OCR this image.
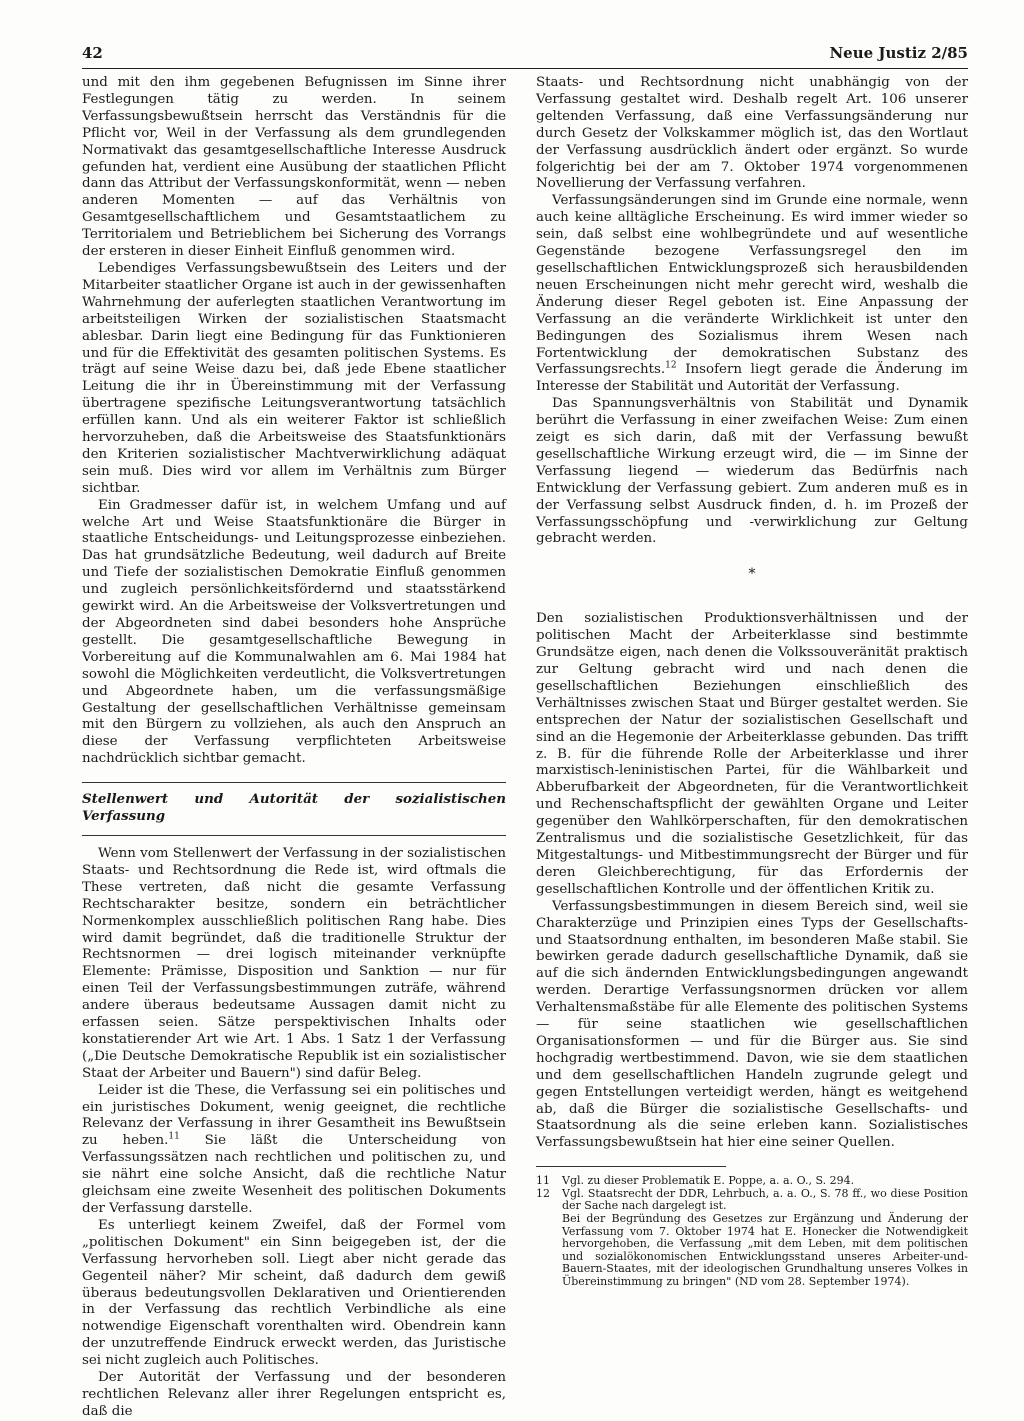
42	Neue Justiz 2/85

und mit den ihm gegebenen Befugnissen im Sinne ihrer Festlegungen tätig zu werden. In seinem Verfassungsbewußtsein herrscht das Verständnis für die Pflicht vor, Weil in der Verfassung als dem grundlegenden Normativakt das gesamtgesellschaftliche Interesse Ausdruck gefunden hat, verdient eine Ausübung der staatlichen Pflicht dann das Attribut der Verfassungskonformität, wenn — neben anderen Momenten — auf das Verhältnis von Gesamtgesellschaftlichem und Gesamtstaatlichem zu Territorialem und Betrieblichem bei Sicherung des Vorrangs der ersteren in dieser Einheit Einfluß genommen wird.

Lebendiges Verfassungsbewußtsein des Leiters und der Mitarbeiter staatlicher Organe ist auch in der gewissenhaften Wahrnehmung der auferlegten staatlichen Verantwortung im arbeitsteiligen Wirken der sozialistischen Staatsmacht ablesbar. Darin liegt eine Bedingung für das Funktionieren und für die Effektivität des gesamten politischen Systems. Es trägt auf seine Weise dazu bei, daß jede Ebene staatlicher Leitung die ihr in Übereinstimmung mit der Verfassung übertragene spezifische Leitungsverantwortung tatsächlich erfüllen kann. Und als ein weiterer Faktor ist schließlich hervorzuheben, daß die Arbeitsweise des Staatsfunktionärs den Kriterien sozialistischer Machtverwirklichung adäquat sein muß. Dies wird vor allem im Verhältnis zum Bürger sichtbar.

Ein Gradmesser dafür ist, in welchem Umfang und auf welche Art und Weise Staatsfunktionäre die Bürger in staatliche Entscheidungs- und Leitungsprozesse einbeziehen. Das hat grundsätzliche Bedeutung, weil dadurch auf Breite und Tiefe der sozialistischen Demokratie Einfluß genommen und zugleich persönlichkeitsfördernd und staatsstärkend gewirkt wird. An die Arbeitsweise der Volksvertretungen und der Abgeordneten sind dabei besonders hohe Ansprüche gestellt. Die gesamtgesellschaftliche Bewegung in Vorbereitung auf die Kommunalwahlen am 6. Mai 1984 hat sowohl die Möglichkeiten verdeutlicht, die Volksvertretungen und Abgeordnete haben, um die verfassungsmäßige Gestaltung der gesellschaftlichen Verhältnisse gemeinsam mit den Bürgern zu vollziehen, als auch den Anspruch an diese der Verfassung verpflichteten Arbeitsweise nachdrücklich sichtbar gemacht.

Stellenwert und Autorität der sozialistischen Verfassung

Wenn vom Stellenwert der Verfassung in der sozialistischen Staats- und Rechtsordnung die Rede ist, wird oftmals die These vertreten, daß nicht die gesamte Verfassung Rechtscharakter besitze, sondern ein beträchtlicher Normenkomplex ausschließlich politischen Rang habe. Dies wird damit begründet, daß die traditionelle Struktur der Rechtsnormen — drei logisch miteinander verknüpfte Elemente: Prämisse, Disposition und Sanktion — nur für einen Teil der Verfassungsbestimmungen zuträfe, während andere überaus bedeutsame Aussagen damit nicht zu erfassen seien. Sätze perspektivischen Inhalts oder konstatierender Art wie Art. 1 Abs. 1 Satz 1 der Verfassung („Die Deutsche Demokratische Republik ist ein sozialistischer Staat der Arbeiter und Bauern") sind dafür Beleg.

Leider ist die These, die Verfassung sei ein politisches und ein juristisches Dokument, wenig geeignet, die rechtliche Relevanz der Verfassung in ihrer Gesamtheit ins Bewußtsein zu heben.$^{11}$ Sie läßt die Unterscheidung von Verfassungssätzen nach rechtlichen und politischen zu, und sie nährt eine solche Ansicht, daß die rechtliche Natur gleichsam eine zweite Wesenheit des politischen Dokuments der Verfassung darstelle.

Es unterliegt keinem Zweifel, daß der Formel vom „politischen Dokument" ein Sinn beigegeben ist, der die Verfassung hervorheben soll. Liegt aber nicht gerade das Gegenteil näher? Mir scheint, daß dadurch dem gewiß überaus bedeutungsvollen Deklarativen und Orientierenden in der Verfassung das rechtlich Verbindliche als eine notwendige Eigenschaft vorenthalten wird. Obendrein kann der unzutreffende Eindruck erweckt werden, das Juristische sei nicht zugleich auch Politisches.

Der Autorität der Verfassung und der besonderen rechtlichen Relevanz aller ihrer Regelungen entspricht es, daß die

Staats- und Rechtsordnung nicht unabhängig von der Verfassung gestaltet wird. Deshalb regelt Art. 106 unserer geltenden Verfassung, daß eine Verfassungsänderung nur durch Gesetz der Volkskammer möglich ist, das den Wortlaut der Verfassung ausdrücklich ändert oder ergänzt. So wurde folgerichtig bei der am 7. Oktober 1974 vorgenommenen Novellierung der Verfassung verfahren.

Verfassungsänderungen sind im Grunde eine normale, wenn auch keine alltägliche Erscheinung. Es wird immer wieder so sein, daß selbst eine wohlbegründete und auf wesentliche Gegenstände bezogene Verfassungsregel den im gesellschaftlichen Entwicklungsprozeß sich herausbildenden neuen Erscheinungen nicht mehr gerecht wird, weshalb die Änderung dieser Regel geboten ist. Eine Anpassung der Verfassung an die veränderte Wirklichkeit ist unter den Bedingungen des Sozialismus ihrem Wesen nach Fortentwicklung der demokratischen Substanz des Verfassungsrechts.$^{12}$ Insofern liegt gerade die Änderung im Interesse der Stabilität und Autorität der Verfassung.

Das Spannungsverhältnis von Stabilität und Dynamik berührt die Verfassung in einer zweifachen Weise: Zum einen zeigt es sich darin, daß mit der Verfassung bewußt gesellschaftliche Wirkung erzeugt wird, die — im Sinne der Verfassung liegend — wiederum das Bedürfnis nach Entwicklung der Verfassung gebiert. Zum anderen muß es in der Verfassung selbst Ausdruck finden, d. h. im Prozeß der Verfassungsschöpfung und -verwirklichung zur Geltung gebracht werden.

*

Den sozialistischen Produktionsverhältnissen und der politischen Macht der Arbeiterklasse sind bestimmte Grundsätze eigen, nach denen die Volkssouveränität praktisch zur Geltung gebracht wird und nach denen die gesellschaftlichen Beziehungen einschließlich des Verhältnisses zwischen Staat und Bürger gestaltet werden. Sie entsprechen der Natur der sozialistischen Gesellschaft und sind an die Hegemonie der Arbeiterklasse gebunden. Das trifft z. B. für die führende Rolle der Arbeiterklasse und ihrer marxistisch-leninistischen Partei, für die Wählbarkeit und Abberufbarkeit der Abgeordneten, für die Verantwortlichkeit und Rechenschaftspflicht der gewählten Organe und Leiter gegenüber den Wahlkörperschaften, für den demokratischen Zentralismus und die sozialistische Gesetzlichkeit, für das Mitgestaltungs- und Mitbestimmungsrecht der Bürger und für deren Gleichberechtigung, für das Erfordernis der gesellschaftlichen Kontrolle und der öffentlichen Kritik zu.

Verfassungsbestimmungen in diesem Bereich sind, weil sie Charakterzüge und Prinzipien eines Typs der Gesellschafts- und Staatsordnung enthalten, im besonderen Maße stabil. Sie bewirken gerade dadurch gesellschaftliche Dynamik, daß sie auf die sich ändernden Entwicklungsbedingungen angewandt werden. Derartige Verfassungsnormen drücken vor allem Verhaltensmaßstäbe für alle Elemente des politischen Systems — für seine staatlichen wie gesellschaftlichen Organisationsformen — und für die Bürger aus. Sie sind hochgradig wertbestimmend. Davon, wie sie dem staatlichen und dem gesellschaftlichen Handeln zugrunde gelegt und gegen Entstellungen verteidigt werden, hängt es weitgehend ab, daß die Bürger die sozialistische Gesellschafts- und Staatsordnung als die seine erleben kann. Sozialistisches Verfassungsbewußtsein hat hier eine seiner Quellen.

11	Vgl. zu dieser Problematik E. Poppe, a. a. O., S. 294.
12	Vgl. Staatsrecht der DDR, Lehrbuch, a. a. O., S. 78 ff., wo diese Position der Sache nach dargelegt ist.
Bei der Begründung des Gesetzes zur Ergänzung und Änderung der Verfassung vom 7. Oktober 1974 hat E. Honecker die Notwendigkeit hervorgehoben, die Verfassung „mit dem Leben, mit dem politischen und sozialökonomischen Entwicklungsstand unseres Arbeiter-und-Bauern-Staates, mit der ideologischen Grundhaltung unseres Volkes in Übereinstimmung zu bringen" (ND vom 28. September 1974).
